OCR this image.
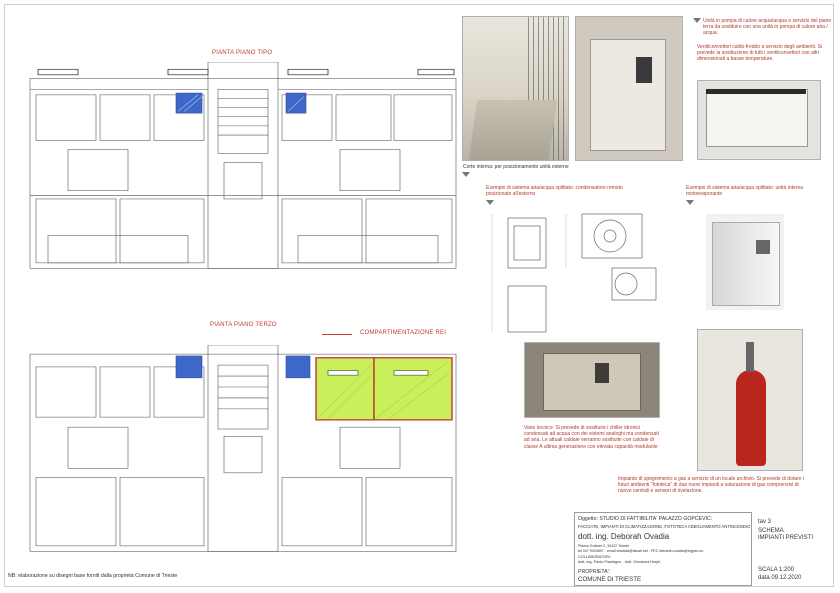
PIANTA PIANO TIPO
PIANTA PIANO TERZO
COMPARTIMENTAZIONE REI
Corte interna: per posizionamento unità esterne
Unità in pompa di calore acqua/acqua e servizio del piano terra da sostituire con una unità in pompa di calore aria / acqua.
Ventilconvettori caldo-freddo a servizio degli ambienti. Si prevede la sostituzione di tutti i ventilconvettori con altri dimensionati a basse temperature.
Esempio di sistema aria/acqua splittato: condensatore remoto posizionato all'esterno
Esempio di sistema aria/acqua splittato: unità interna motoevaporante
Vano tecnico: Si prevede di sostituire i chiller idronici condensati ad acqua con dei sistemi analoghi ma condensati ad aria. Le attuali caldaie verranno sostituite con caldaie di classe A ultima generazione con elevata capacità modulante
Impianto di spegnimento a gas a servizio di un locale archivio. Si prevede di dotare i futuri ambienti "fototeca" di due nuovi impianti a saturazione di gas comprensivi di nuove centrali e sensori di rivelazione.
Oggetto: STUDIO DI FATTIBILITA' PALAZZO GOPCEVIC:
FACCIATE, IMPIANTI DI CLIMATIZZAZIONE, FOTOTECA ADEGUAMENTO ANTINCENDIO
dott. ing. Deborah Ovadia
Piazza Goldoni 2, 34122 Trieste
tel 347 9003897 - email dovadia@tiscali.net - PEC deborah.ovadia@ingpec.eu
COLLABORATORI:
dott. ing. Paolo Piastrigno - dott. Giovanna Hrejel
PROPRIETA':
COMUNE DI TRIESTE
tav 3
SCHEMA
IMPIANTI PREVISTI
SCALA 1:200
data 09.12.2020
NB: elaborazione su disegni base forniti dalla proprietà Comune di Trieste
